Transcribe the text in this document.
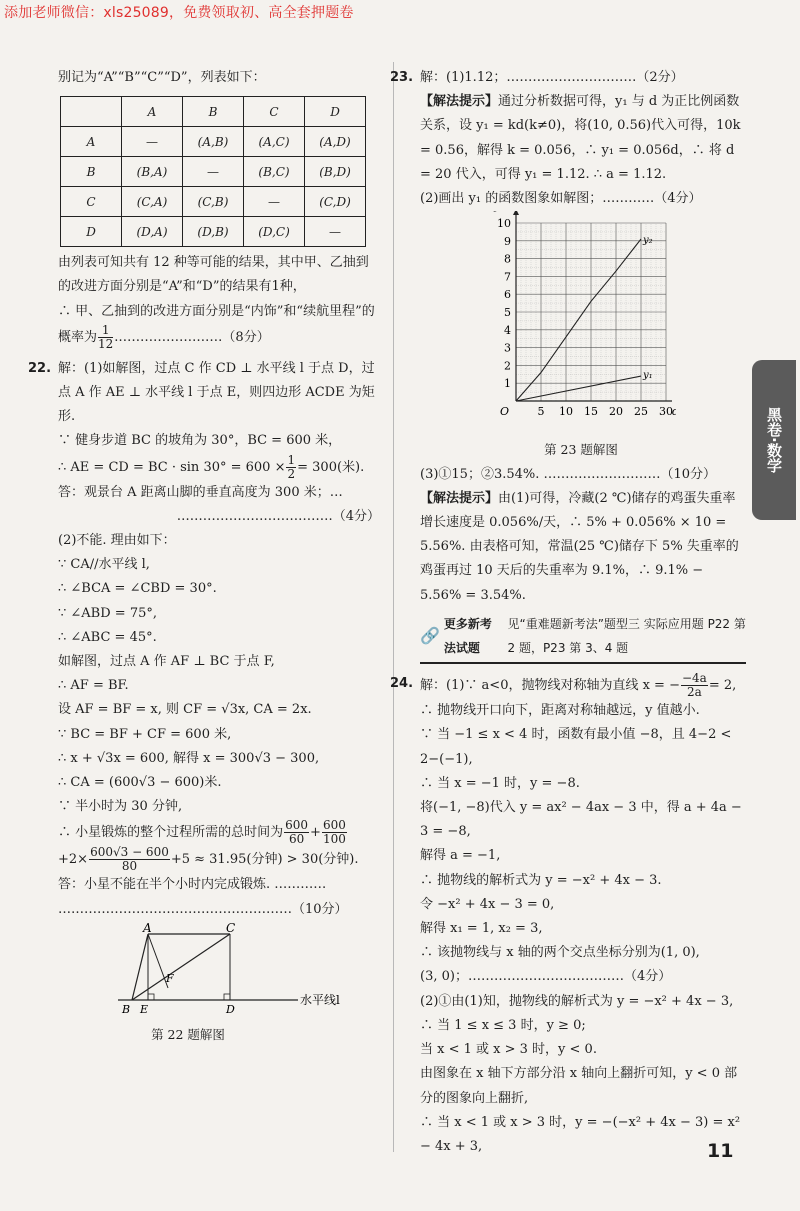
添加老师微信：xls25089，免费领取初、高全套押题卷
黑卷·数学
11

别记为“A”“B”“C”“D”，列表如下：

	A	B	C	D
A	—	(A,B)	(A,C)	(A,D)
B	(B,A)	—	(B,C)	(B,D)
C	(C,A)	(C,B)	—	(C,D)
D	(D,A)	(D,B)	(D,C)	—

由列表可知共有 12 种等可能的结果，其中甲、乙抽到的改进方面分别是“A”和“D”的结果有1种，

∴ 甲、乙抽到的改进方面分别是“内饰”和“续航里程”的概率为 $\frac{1}{12}$ .……………………（8分）

22. 解：(1)如解图，过点 C 作 CD ⊥ 水平线 l 于点 D，过点 A 作 AE ⊥ 水平线 l 于点 E，则四边形 ACDE 为矩形.

∵ 健身步道 BC 的坡角为 30°，BC = 600 米，

∴ AE = CD = BC · $\sin 30^\circ = 600 \times \frac{1}{2} = 300$(米).

答：观景台 A 距离山脚的垂直高度为 300 米；…

………………………………（4分）

(2)不能. 理由如下：

∵ CA//水平线 l,

∴ ∠BCA = ∠CBD = 30°.

∵ ∠ABD = 75°,

∴ ∠ABC = 45°.

如解图，过点 A 作 AF ⊥ BC 于点 F,

∴ AF = BF.

设 AF = BF = x, 则 CF = √3x, CA = 2x.

∵ BC = BF + CF = 600 米,

∴ x + √3x = 600, 解得 x = 300√3 − 300,

∴ CA = (600√3 − 600)米.

∵ 半小时为 30 分钟,

∴ 小星锻炼的整个过程所需的总时间为 $\frac{600}{60} + \frac{600}{100}$

$+2\times \frac{600√3 - 600}{80} +5 \approx 31.95$(分钟) > 30(分钟).

答：小星不能在半个小时内完成锻炼. …………

………………………………………………（10分）

A	C
F
B E	D
水平线l
第 22 题解图
23. 解：(1)1.12；…………………………（2分）

【解法提示】通过分析数据可得，y₁ 与 d 为正比例函数关系，设 y₁ = kd(k≠0)，将(10, 0.56)代入可得，10k = 0.56，解得 k = 0.056，∴ y₁ = 0.056d，∴ 将 d = 20 代入，可得 y₁ = 1.12. ∴ a = 1.12.

(2)画出 y₁ 的函数图象如解图；…………（4分）

5 10 15 20 25 30
1
2
3
4
5
6
7
8
9
10
O
y₂
y₁
第 23 题解图

(3)①15；②3.54%. ………………………（10分）

【解法提示】由(1)可得，冷藏(2 ℃)储存的鸡蛋失重率增长速度是 0.056%/天，∴ 5% + 0.056% × 10 = 5.56%. 由表格可知，常温(25 ℃)储存下 5% 失重率的鸡蛋再过 10 天后的失重率为 9.1%，∴ 9.1% − 5.56% = 3.54%.

🔗
更多新考法试题

见“重难题新考法”题型三 实际应用题 P22 第 2 题，P23 第 3、4 题
24. 解：(1)∵ a<0，抛物线对称轴为直线 x = − $\frac{-4a}{2a} = 2$,

∴ 抛物线开口向下，距离对称轴越远，y 值越小.

∵ 当 −1 ≤ x < 4 时，函数有最小值 −8，且 4−2 < 2−(−1),

∴ 当 x = −1 时，y = −8.

将(−1, −8)代入 y = ax² − 4ax − 3 中，得 a + 4a − 3 = −8,

解得 a = −1,

∴ 抛物线的解析式为 y = −x² + 4x − 3.

令 −x² + 4x − 3 = 0,

解得 x₁ = 1, x₂ = 3,

∴ 该抛物线与 x 轴的两个交点坐标分别为(1, 0),

(3, 0)；………………………………（4分）

(2)①由(1)知，抛物线的解析式为 y = −x² + 4x − 3,

∴ 当 1 ≤ x ≤ 3 时，y ≥ 0;

当 x < 1 或 x > 3 时，y < 0.

由图象在 x 轴下方部分沿 x 轴向上翻折可知，y < 0 部分的图象向上翻折,

∴ 当 x < 1 或 x > 3 时，y = −(−x² + 4x − 3) = x² − 4x + 3,
